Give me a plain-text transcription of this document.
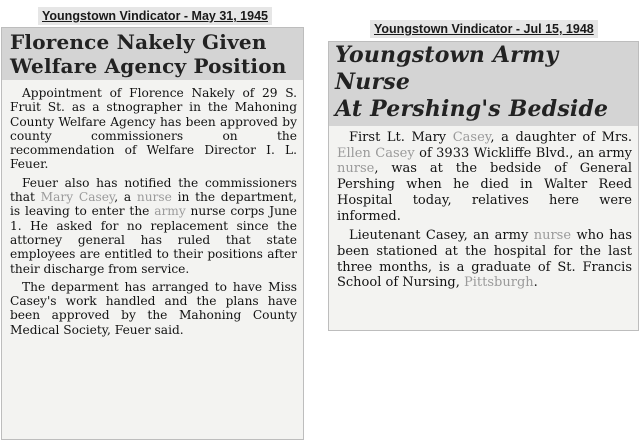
Youngstown Vindicator - May 31, 1945
Florence Nakely Given
Welfare Agency Position

Appointment of Florence Nakely of 29 S. Fruit St. as a stnographer in the Mahoning County Welfare Agency has been approved by county commissioners on the recommendation of Welfare Director I. L. Feuer.

Feuer also has notified the commissioners that Mary Casey, a nurse in the department, is leaving to enter the army nurse corps June 1. He asked for no replacement since the attorney general has ruled that state employees are entitled to their positions after their discharge from service.

The deparment has arranged to have Miss Casey's work handled and the plans have been approved by the Mahoning County Medical Society, Feuer said.

Youngstown Vindicator - Jul 15, 1948
Youngstown Army Nurse
At Pershing's Bedside

First Lt. Mary Casey, a daughter of Mrs. Ellen Casey of 3933 Wickliffe Blvd., an army nurse, was at the bedside of General Pershing when he died in Walter Reed Hospital today, relatives here were informed.

Lieutenant Casey, an army nurse who has been stationed at the hospital for the last three months, is a graduate of St. Francis School of Nursing, Pittsburgh.
